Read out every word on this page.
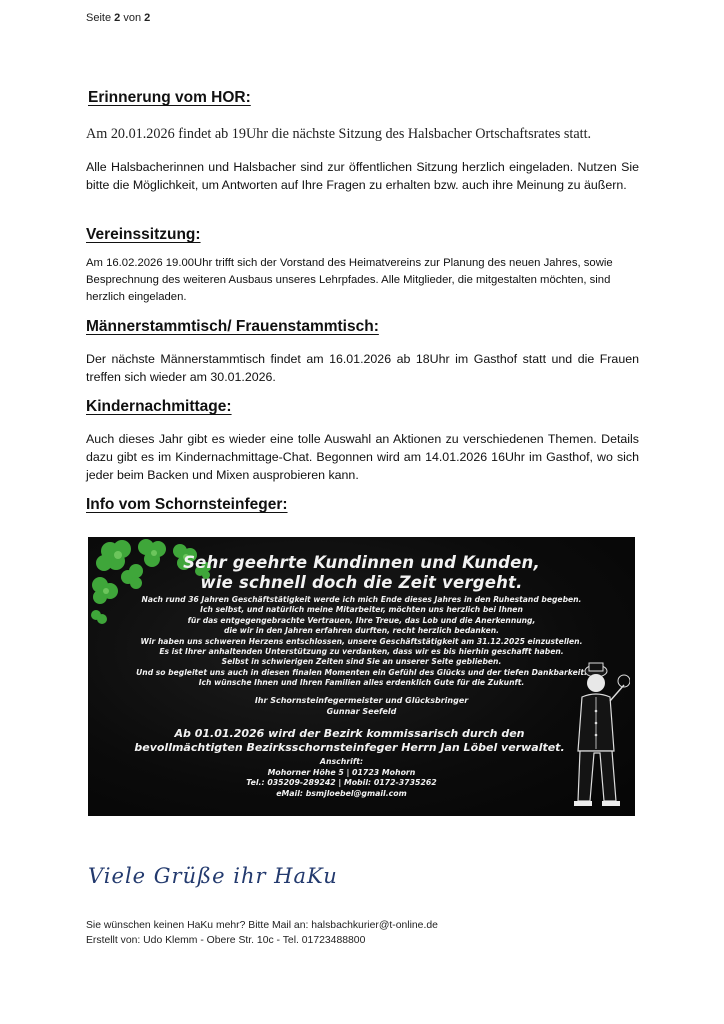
Seite 2 von 2
Erinnerung vom HOR:

Am 20.01.2026 findet ab 19Uhr die nächste Sitzung des Halsbacher Ortschaftsrates statt.

Alle Halsbacherinnen und Halsbacher sind zur öffentlichen Sitzung herzlich eingeladen. Nutzen Sie bitte die Möglichkeit, um Antworten auf Ihre Fragen zu erhalten bzw. auch ihre Meinung zu äußern.

Vereinssitzung:

Am 16.02.2026 19.00Uhr trifft sich der Vorstand des Heimatvereins zur Planung des neuen Jahres, sowie Besprechnung des weiteren Ausbaus unseres Lehrpfades. Alle Mitglieder, die mitgestalten möchten, sind herzlich eingeladen.

Männerstammtisch/ Frauenstammtisch:

Der nächste Männerstammtisch findet am 16.01.2026 ab 18Uhr im Gasthof statt und die Frauen treffen sich wieder am 30.01.2026.

Kindernachmittage:

Auch dieses Jahr gibt es wieder eine tolle Auswahl an Aktionen zu verschiedenen Themen. Details dazu gibt es im Kindernachmittage-Chat. Begonnen wird am 14.01.2026 16Uhr im Gasthof, wo sich jeder beim Backen und Mixen ausprobieren kann.

Info vom Schornsteinfeger:

Sehr geehrte Kundinnen und Kunden,

wie schnell doch die Zeit vergeht.

Nach rund 36 Jahren Geschäftstätigkeit werde ich mich Ende dieses Jahres in den Ruhestand begeben.

Ich selbst, und natürlich meine Mitarbeiter, möchten uns herzlich bei Ihnen

für das entgegengebrachte Vertrauen, Ihre Treue, das Lob und die Anerkennung,

die wir in den Jahren erfahren durften, recht herzlich bedanken.

Wir haben uns schweren Herzens entschlossen, unsere Geschäftstätigkeit am 31.12.2025 einzustellen.

Es ist Ihrer anhaltenden Unterstützung zu verdanken, dass wir es bis hierhin geschafft haben.

Selbst in schwierigen Zeiten sind Sie an unserer Seite geblieben.

Und so begleitet uns auch in diesen finalen Momenten ein Gefühl des Glücks und der tiefen Dankbarkeit.

Ich wünsche Ihnen und Ihren Familien alles erdenklich Gute für die Zukunft.

Ihr Schornsteinfegermeister und Glücksbringer

Gunnar Seefeld

Ab 01.01.2026 wird der Bezirk kommissarisch durch den

bevollmächtigten Bezirksschornsteinfeger Herrn Jan Löbel verwaltet.

Anschrift:

Mohorner Höhe 5 | 01723 Mohorn

Tel.: 035209-289242 | Mobil: 0172-3735262

eMail: bsmjloebel@gmail.com

Viele Grüße ihr HaKu
Sie wünschen keinen HaKu mehr? Bitte Mail an: halsbachkurier@t-online.de
Erstellt von: Udo Klemm - Obere Str. 10c - Tel. 01723488800
